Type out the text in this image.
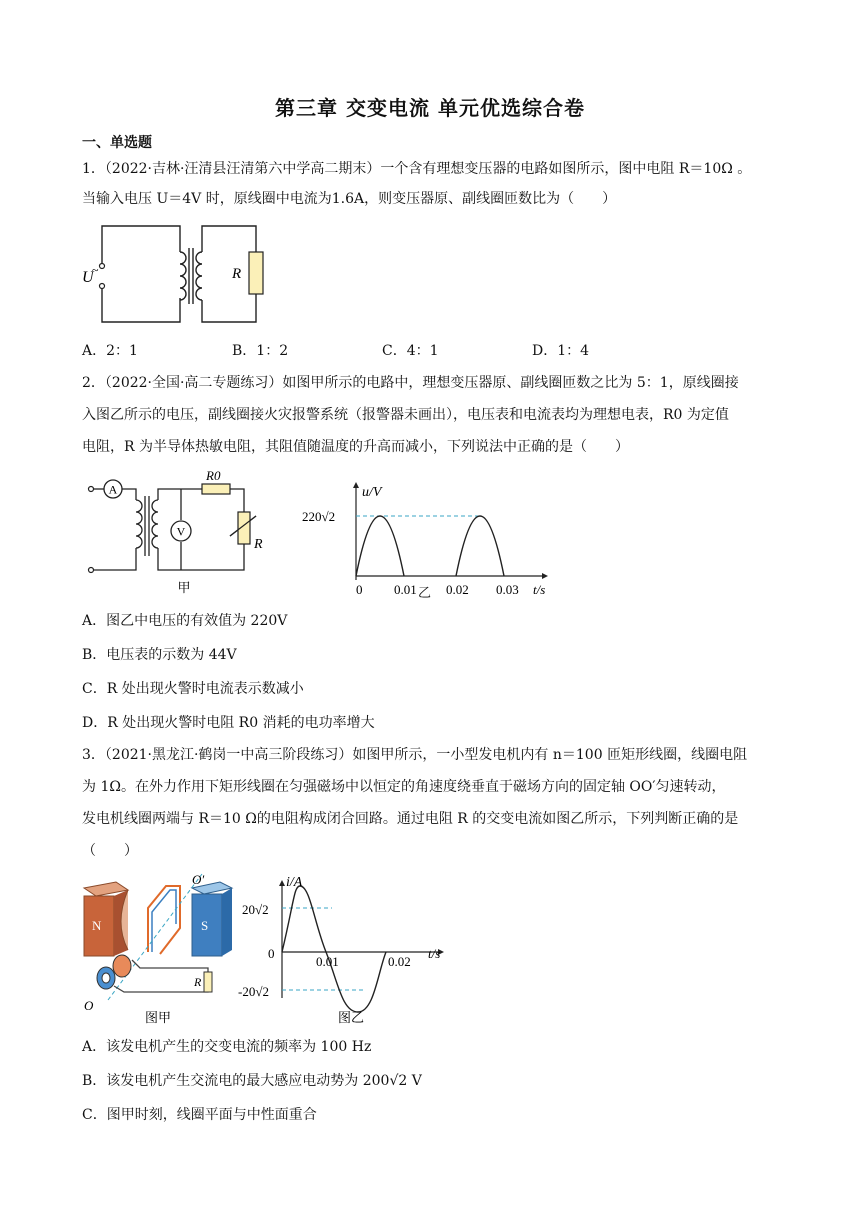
第三章 交变电流 单元优选综合卷
一、单选题
1．（2022·吉林·汪清县汪清第六中学高二期末）一个含有理想变压器的电路如图所示，图中电阻 R＝10Ω 。
当输入电压 U＝4V 时，原线圈中电流为1.6A，则变压器原、副线圈匝数比为（　　）
U
~	R
A．2：1	B．1：2	C．4：1	D．1：4
2．（2022·全国·高二专题练习）如图甲所示的电路中，理想变压器原、副线圈匝数之比为 5：1，原线圈接
入图乙所示的电压，副线圈接火灾报警系统（报警器未画出），电压表和电流表均为理想电表，R0 为定值
电阻，R 为半导体热敏电阻，其阻值随温度的升高而减小，下列说法中正确的是（　　）
A
V
R0
R
甲
u/V
220√2
0 0.01 0.02 0.03 t/s
乙
A．图乙中电压的有效值为 220V
B．电压表的示数为 44V
C．R 处出现火警时电流表示数减小
D．R 处出现火警时电阻 R0 消耗的电功率增大
3．（2021·黑龙江·鹤岗一中高三阶段练习）如图甲所示，一小型发电机内有 n＝100 匝矩形线圈，线圈电阻
为 1Ω。在外力作用下矩形线圈在匀强磁场中以恒定的角速度绕垂直于磁场方向的固定轴 OO′匀速转动，
发电机线圈两端与 R＝10 Ω的电阻构成闭合回路。通过电阻 R 的交变电流如图乙所示，下列判断正确的是
（　　）
N	S
R
O
O′
图甲
i/A
20√2
0
-20√2
0.01	0.02
t/s
图乙
A．该发电机产生的交变电流的频率为 100 Hz
B．该发电机产生交流电的最大感应电动势为 200√2 V
C．图甲时刻，线圈平面与中性面重合
